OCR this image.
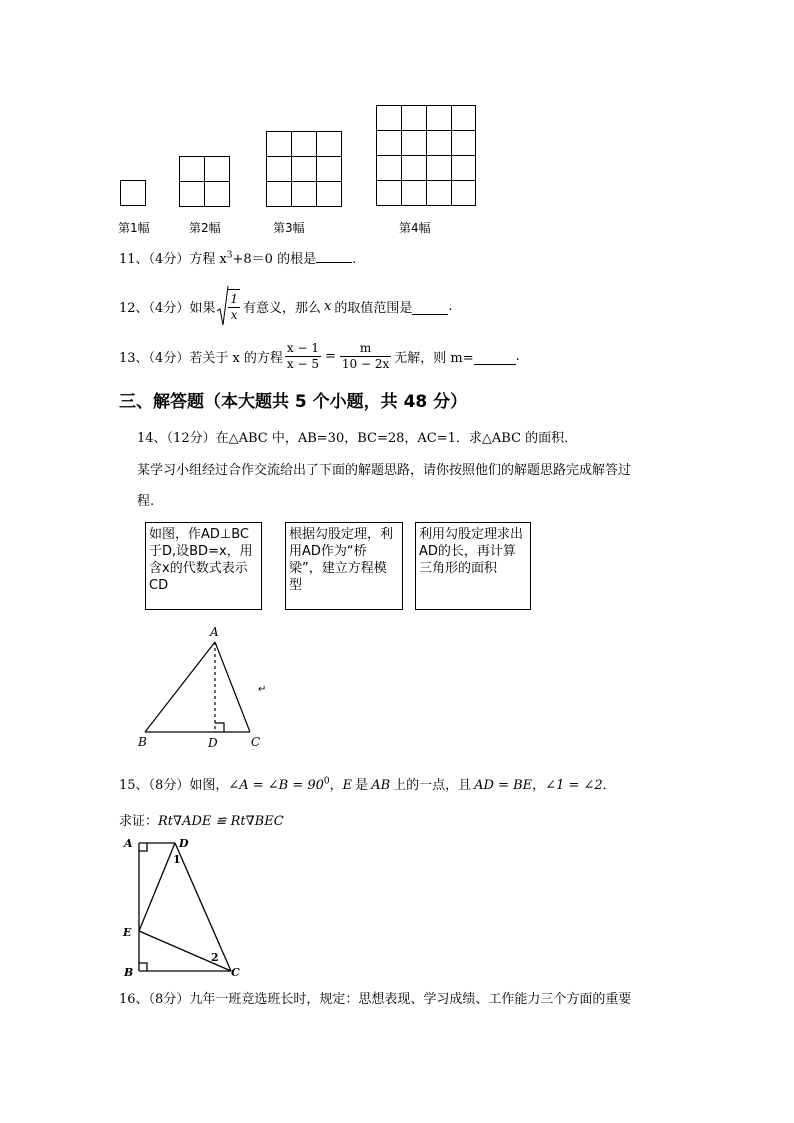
第1幅	第2幅	第3幅	第4幅
11、（4分）方程 $x^3+8=0$ 的根是	.
12、（4分）如果 $\frac{1}{x}$ 有意义，那么 x 的取值范围是	.
13、（4分）若关于 x 的方程 $\frac{x - 1}{x - 5} = \frac{m}{10 - 2x}$ 无解，则 m=	.
三、解答题（本大题共 5 个小题，共 48 分）
14、（12分）在△ABC 中，AB=30，BC=28，AC=1．求△ABC 的面积．
某学习小组经过合作交流给出了下面的解题思路，请你按照他们的解题思路完成解答过
程.
如图，作AD⊥BC于D,设BD=x，用含x的代数式表示CD
根据勾股定理，利用AD作为“桥梁”，建立方程模型
利用勾股定理求出AD的长，再计算三角形的面积
A
B	D	C
↵
15、（8分）如图，∠A = ∠B = $90^0$，E 是 AB 上的一点，且 AD = BE，∠1 = ∠2．
求证：Rt∇ADE ≌ Rt∇BEC
A	D
1
E
2
B	C
16、（8分）九年一班竞选班长时，规定：思想表现、学习成绩、工作能力三个方面的重要
